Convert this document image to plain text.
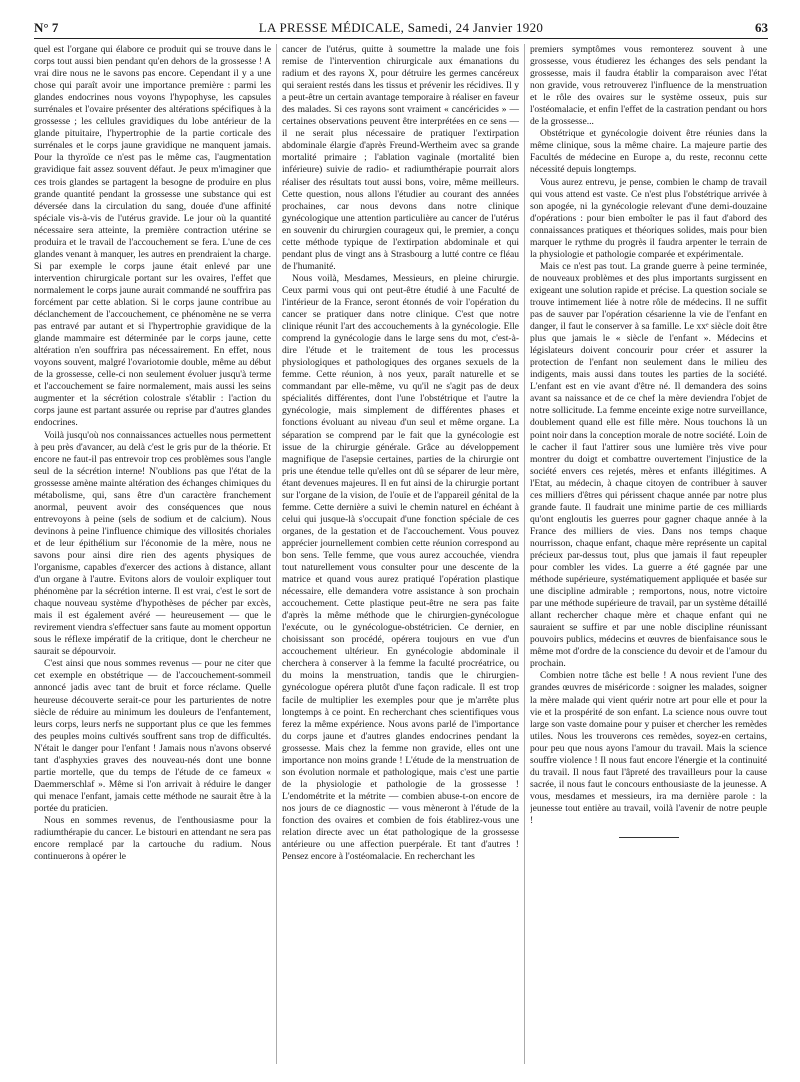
N° 7	LA PRESSE MÉDICALE, Samedi, 24 Janvier 1920	63

quel est l'organe qui élabore ce produit qui se trouve dans le corps tout aussi bien pendant qu'en dehors de la grossesse ! A vrai dire nous ne le savons pas encore. Cependant il y a une chose qui paraît avoir une importance première : parmi les glandes endocrines nous voyons l'hypophyse, les capsules surrénales et l'ovaire présenter des altérations spécifiques à la grossesse ; les cellules gravidiques du lobe antérieur de la glande pituitaire, l'hypertrophie de la partie corticale des surrénales et le corps jaune gravidique ne manquent jamais. Pour la thyroïde ce n'est pas le même cas, l'augmentation gravidique fait assez souvent défaut. Je peux m'imaginer que ces trois glandes se partagent la besogne de produire en plus grande quantité pendant la grossesse une substance qui est déversée dans la circulation du sang, douée d'une affinité spéciale vis-à-vis de l'utérus gravide. Le jour où la quantité nécessaire sera atteinte, la première contraction utérine se produira et le travail de l'accouchement se fera. L'une de ces glandes venant à manquer, les autres en prendraient la charge. Si par exemple le corps jaune était enlevé par une intervention chirurgicale portant sur les ovaires, l'effet que normalement le corps jaune aurait commandé ne souffrira pas forcément par cette ablation. Si le corps jaune contribue au déclanchement de l'accouchement, ce phénomène ne se verra pas entravé par autant et si l'hypertrophie gravidique de la glande mammaire est déterminée par le corps jaune, cette altération n'en souffrira pas nécessairement. En effet, nous voyons souvent, malgré l'ovariotomie double, même au début de la grossesse, celle-ci non seulement évoluer jusqu'à terme et l'accouchement se faire normalement, mais aussi les seins augmenter et la sécrétion colostrale s'établir : l'action du corps jaune est partant assurée ou reprise par d'autres glandes endocrines.

Voilà jusqu'où nos connaissances actuelles nous permettent à peu près d'avancer, au delà c'est le gris pur de la théorie. Et encore ne faut-il pas entrevoir trop ces problèmes sous l'angle seul de la sécrétion interne! N'oublions pas que l'état de la grossesse amène mainte altération des échanges chimiques du métabolisme, qui, sans être d'un caractère franchement anormal, peuvent avoir des conséquences que nous entrevoyons à peine (sels de sodium et de calcium). Nous devinons à peine l'influence chimique des villosités choriales et de leur épithélium sur l'économie de la mère, nous ne savons pour ainsi dire rien des agents physiques de l'organisme, capables d'exercer des actions à distance, allant d'un organe à l'autre. Evitons alors de vouloir expliquer tout phénomène par la sécrétion interne. Il est vrai, c'est le sort de chaque nouveau système d'hypothèses de pécher par excès, mais il est également avéré — heureusement — que le revirement viendra s'effectuer sans faute au moment opportun sous le réflexe impératif de la critique, dont le chercheur ne saurait se dépourvoir.

C'est ainsi que nous sommes revenus — pour ne citer que cet exemple en obstétrique — de l'accouchement-sommeil annoncé jadis avec tant de bruit et force réclame. Quelle heureuse découverte serait-ce pour les parturientes de notre siècle de réduire au minimum les douleurs de l'enfantement, leurs corps, leurs nerfs ne supportant plus ce que les femmes des peuples moins cultivés souffrent sans trop de difficultés. N'était le danger pour l'enfant ! Jamais nous n'avons observé tant d'asphyxies graves des nouveau-nés dont une bonne partie mortelle, que du temps de l'étude de ce fameux « Daemmerschlaf ». Même si l'on arrivait à réduire le danger qui menace l'enfant, jamais cette méthode ne saurait être à la portée du praticien.

Nous en sommes revenus, de l'enthousiasme pour la radiumthérapie du cancer. Le bistouri en attendant ne sera pas encore remplacé par la cartouche du radium. Nous continuerons à opérer le

cancer de l'utérus, quitte à soumettre la malade une fois remise de l'intervention chirurgicale aux émanations du radium et des rayons X, pour détruire les germes cancéreux qui seraient restés dans les tissus et prévenir les récidives. Il y a peut-être un certain avantage temporaire à réaliser en faveur des malades. Si ces rayons sont vraiment « cancéricides » — certaines observations peuvent être interprétées en ce sens — il ne serait plus nécessaire de pratiquer l'extirpation abdominale élargie d'après Freund-Wertheim avec sa grande mortalité primaire ; l'ablation vaginale (mortalité bien inférieure) suivie de radio- et radiumthérapie pourrait alors réaliser des résultats tout aussi bons, voire, même meilleurs. Cette question, nous allons l'étudier au courant des années prochaines, car nous devons dans notre clinique gynécologique une attention particulière au cancer de l'utérus en souvenir du chirurgien courageux qui, le premier, a conçu cette méthode typique de l'extirpation abdominale et qui pendant plus de vingt ans à Strasbourg a lutté contre ce fléau de l'humanité.

Nous voilà, Mesdames, Messieurs, en pleine chirurgie. Ceux parmi vous qui ont peut-être étudié à une Faculté de l'intérieur de la France, seront étonnés de voir l'opération du cancer se pratiquer dans notre clinique. C'est que notre clinique réunit l'art des accouchements à la gynécologie. Elle comprend la gynécologie dans le large sens du mot, c'est-à-dire l'étude et le traitement de tous les processus physiologiques et pathologiques des organes sexuels de la femme. Cette réunion, à nos yeux, paraît naturelle et se commandant par elle-même, vu qu'il ne s'agit pas de deux spécialités différentes, dont l'une l'obstétrique et l'autre la gynécologie, mais simplement de différentes phases et fonctions évoluant au niveau d'un seul et même organe. La séparation se comprend par le fait que la gynécologie est issue de la chirurgie générale. Grâce au développement magnifique de l'asepsie certaines, parties de la chirurgie ont pris une étendue telle qu'elles ont dû se séparer de leur mère, étant devenues majeures. Il en fut ainsi de la chirurgie portant sur l'organe de la vision, de l'ouïe et de l'appareil génital de la femme. Cette dernière a suivi le chemin naturel en échéant à celui qui jusque-là s'occupait d'une fonction spéciale de ces organes, de la gestation et de l'accouchement. Vous pouvez apprécier journellement combien cette réunion correspond au bon sens. Telle femme, que vous aurez accouchée, viendra tout naturellement vous consulter pour une descente de la matrice et quand vous aurez pratiqué l'opération plastique nécessaire, elle demandera votre assistance à son prochain accouchement. Cette plastique peut-être ne sera pas faite d'après la même méthode que le chirurgien-gynécologue l'exécute, ou le gynécologue-obstétricien. Ce dernier, en choisissant son procédé, opérera toujours en vue d'un accouchement ultérieur. En gynécologie abdominale il cherchera à conserver à la femme la faculté procréatrice, ou du moins la menstruation, tandis que le chirurgien-gynécologue opérera plutôt d'une façon radicale. Il est trop facile de multiplier les exemples pour que je m'arrête plus longtemps à ce point. En recherchant ches scientifiques vous ferez la même expérience. Nous avons parlé de l'importance du corps jaune et d'autres glandes endocrines pendant la grossesse. Mais chez la femme non gravide, elles ont une importance non moins grande ! L'étude de la menstruation de son évolution normale et pathologique, mais c'est une partie de la physiologie et pathologie de la grossesse ! L'endométrite et la métrite — combien abuse-t-on encore de nos jours de ce diagnostic — vous mèneront à l'étude de la fonction des ovaires et combien de fois établirez-vous une relation directe avec un état pathologique de la grossesse antérieure ou une affection puerpérale. Et tant d'autres ! Pensez encore à l'ostéomalacie. En recherchant les

premiers symptômes vous remonterez souvent à une grossesse, vous étudierez les échanges des sels pendant la grossesse, mais il faudra établir la comparaison avec l'état non gravide, vous retrouverez l'influence de la menstruation et le rôle des ovaires sur le système osseux, puis sur l'ostéomalacie, et enfin l'effet de la castration pendant ou hors de la grossesse...

Obstétrique et gynécologie doivent être réunies dans la même clinique, sous la même chaire. La majeure partie des Facultés de médecine en Europe a, du reste, reconnu cette nécessité depuis longtemps.

Vous aurez entrevu, je pense, combien le champ de travail qui vous attend est vaste. Ce n'est plus l'obstétrique arrivée à son apogée, ni la gynécologie relevant d'une demi-douzaine d'opérations : pour bien emboîter le pas il faut d'abord des connaissances pratiques et théoriques solides, mais pour bien marquer le rythme du progrès il faudra arpenter le terrain de la physiologie et pathologie comparée et expérimentale.

Mais ce n'est pas tout. La grande guerre à peine terminée, de nouveaux problèmes et des plus importants surgissent en exigeant une solution rapide et précise. La question sociale se trouve intimement liée à notre rôle de médecins. Il ne suffit pas de sauver par l'opération césarienne la vie de l'enfant en danger, il faut le conserver à sa famille. Le xxᵉ siècle doit être plus que jamais le « siècle de l'enfant ». Médecins et législateurs doivent concourir pour créer et assurer la protection de l'enfant non seulement dans le milieu des indigents, mais aussi dans toutes les parties de la société. L'enfant est en vie avant d'être né. Il demandera des soins avant sa naissance et de ce chef la mère deviendra l'objet de notre sollicitude. La femme enceinte exige notre surveillance, doublement quand elle est fille mère. Nous touchons là un point noir dans la conception morale de notre société. Loin de le cacher il faut l'attirer sous une lumière très vive pour montrer du doigt et combattre ouvertement l'injustice de la société envers ces rejetés, mères et enfants illégitimes. A l'Etat, au médecin, à chaque citoyen de contribuer à sauver ces milliers d'êtres qui périssent chaque année par notre plus grande faute. Il faudrait une minime partie de ces milliards qu'ont engloutis les guerres pour gagner chaque année à la France des milliers de vies. Dans nos temps chaque nourrisson, chaque enfant, chaque mère représente un capital précieux par-dessus tout, plus que jamais il faut repeupler pour combler les vides. La guerre a été gagnée par une méthode supérieure, systématiquement appliquée et basée sur une discipline admirable ; remportons, nous, notre victoire par une méthode supérieure de travail, par un système détaillé allant rechercher chaque mère et chaque enfant qui ne sauraient se suffire et par une noble discipline réunissant pouvoirs publics, médecins et œuvres de bienfaisance sous le même mot d'ordre de la conscience du devoir et de l'amour du prochain.

Combien notre tâche est belle ! A nous revient l'une des grandes œuvres de miséricorde : soigner les malades, soigner la mère malade qui vient quérir notre art pour elle et pour la vie et la prospérité de son enfant. La science nous ouvre tout large son vaste domaine pour y puiser et chercher les remèdes utiles. Nous les trouverons ces remèdes, soyez-en certains, pour peu que nous ayons l'amour du travail. Mais la science souffre violence ! Il nous faut encore l'énergie et la continuité du travail. Il nous faut l'âpreté des travailleurs pour la cause sacrée, il nous faut le concours enthousiaste de la jeunesse. A vous, mesdames et messieurs, ira ma dernière parole : la jeunesse tout entière au travail, voilà l'avenir de notre peuple !
